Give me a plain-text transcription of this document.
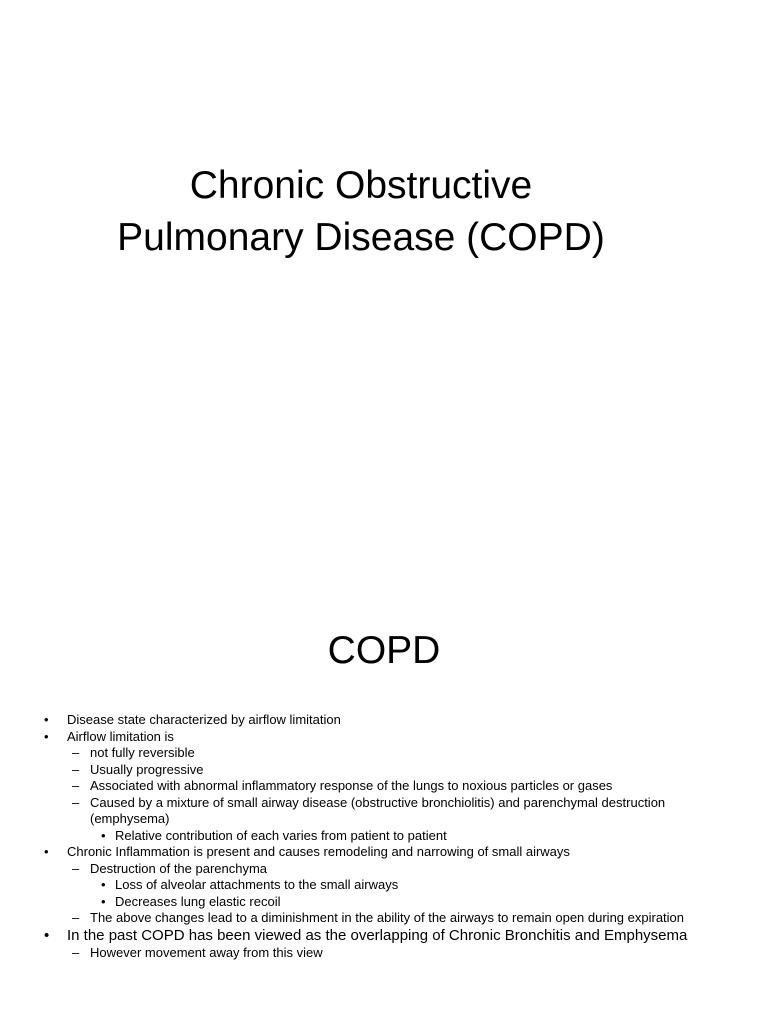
Chronic Obstructive
Pulmonary Disease (COPD)
COPD
• Disease state characterized by airflow limitation
• Airflow limitation is
– not fully reversible
– Usually progressive
– Associated with abnormal inflammatory response of the lungs to noxious particles or gases
– Caused by a mixture of small airway disease (obstructive bronchiolitis) and parenchymal destruction (emphysema)
• Relative contribution of each varies from patient to patient
• Chronic Inflammation is present and causes remodeling and narrowing of small airways
– Destruction of the parenchyma
• Loss of alveolar attachments to the small airways
• Decreases lung elastic recoil
– The above changes lead to a diminishment in the ability of the airways to remain open during expiration
• In the past COPD has been viewed as the overlapping of Chronic Bronchitis and Emphysema
– However movement away from this view
